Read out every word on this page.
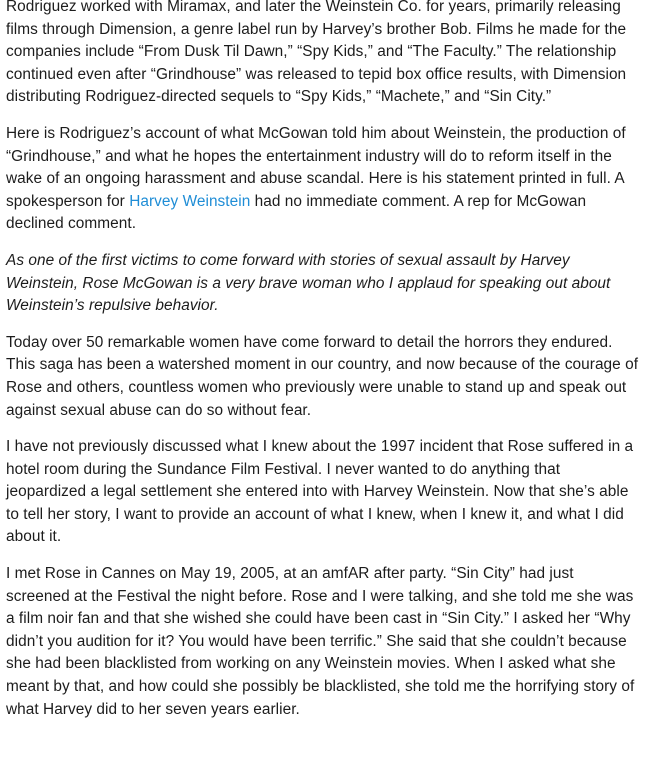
Rodriguez worked with Miramax, and later the Weinstein Co. for years, primarily releasing films through Dimension, a genre label run by Harvey’s brother Bob. Films he made for the companies include “From Dusk Til Dawn,” “Spy Kids,” and “The Faculty.” The relationship continued even after “Grindhouse” was released to tepid box office results, with Dimension distributing Rodriguez-directed sequels to “Spy Kids,” “Machete,” and “Sin City.”

Here is Rodriguez’s account of what McGowan told him about Weinstein, the production of “Grindhouse,” and what he hopes the entertainment industry will do to reform itself in the wake of an ongoing harassment and abuse scandal. Here is his statement printed in full. A spokesperson for Harvey Weinstein had no immediate comment. A rep for McGowan declined comment.

As one of the first victims to come forward with stories of sexual assault by Harvey Weinstein, Rose McGowan is a very brave woman who I applaud for speaking out about Weinstein’s repulsive behavior.

Today over 50 remarkable women have come forward to detail the horrors they endured. This saga has been a watershed moment in our country, and now because of the courage of Rose and others, countless women who previously were unable to stand up and speak out against sexual abuse can do so without fear.

I have not previously discussed what I knew about the 1997 incident that Rose suffered in a hotel room during the Sundance Film Festival. I never wanted to do anything that jeopardized a legal settlement she entered into with Harvey Weinstein. Now that she’s able to tell her story, I want to provide an account of what I knew, when I knew it, and what I did about it.

I met Rose in Cannes on May 19, 2005, at an amfAR after party. “Sin City” had just screened at the Festival the night before. Rose and I were talking, and she told me she was a film noir fan and that she wished she could have been cast in “Sin City.” I asked her “Why didn’t you audition for it? You would have been terrific.” She said that she couldn’t because she had been blacklisted from working on any Weinstein movies. When I asked what she meant by that, and how could she possibly be blacklisted, she told me the horrifying story of what Harvey did to her seven years earlier.
